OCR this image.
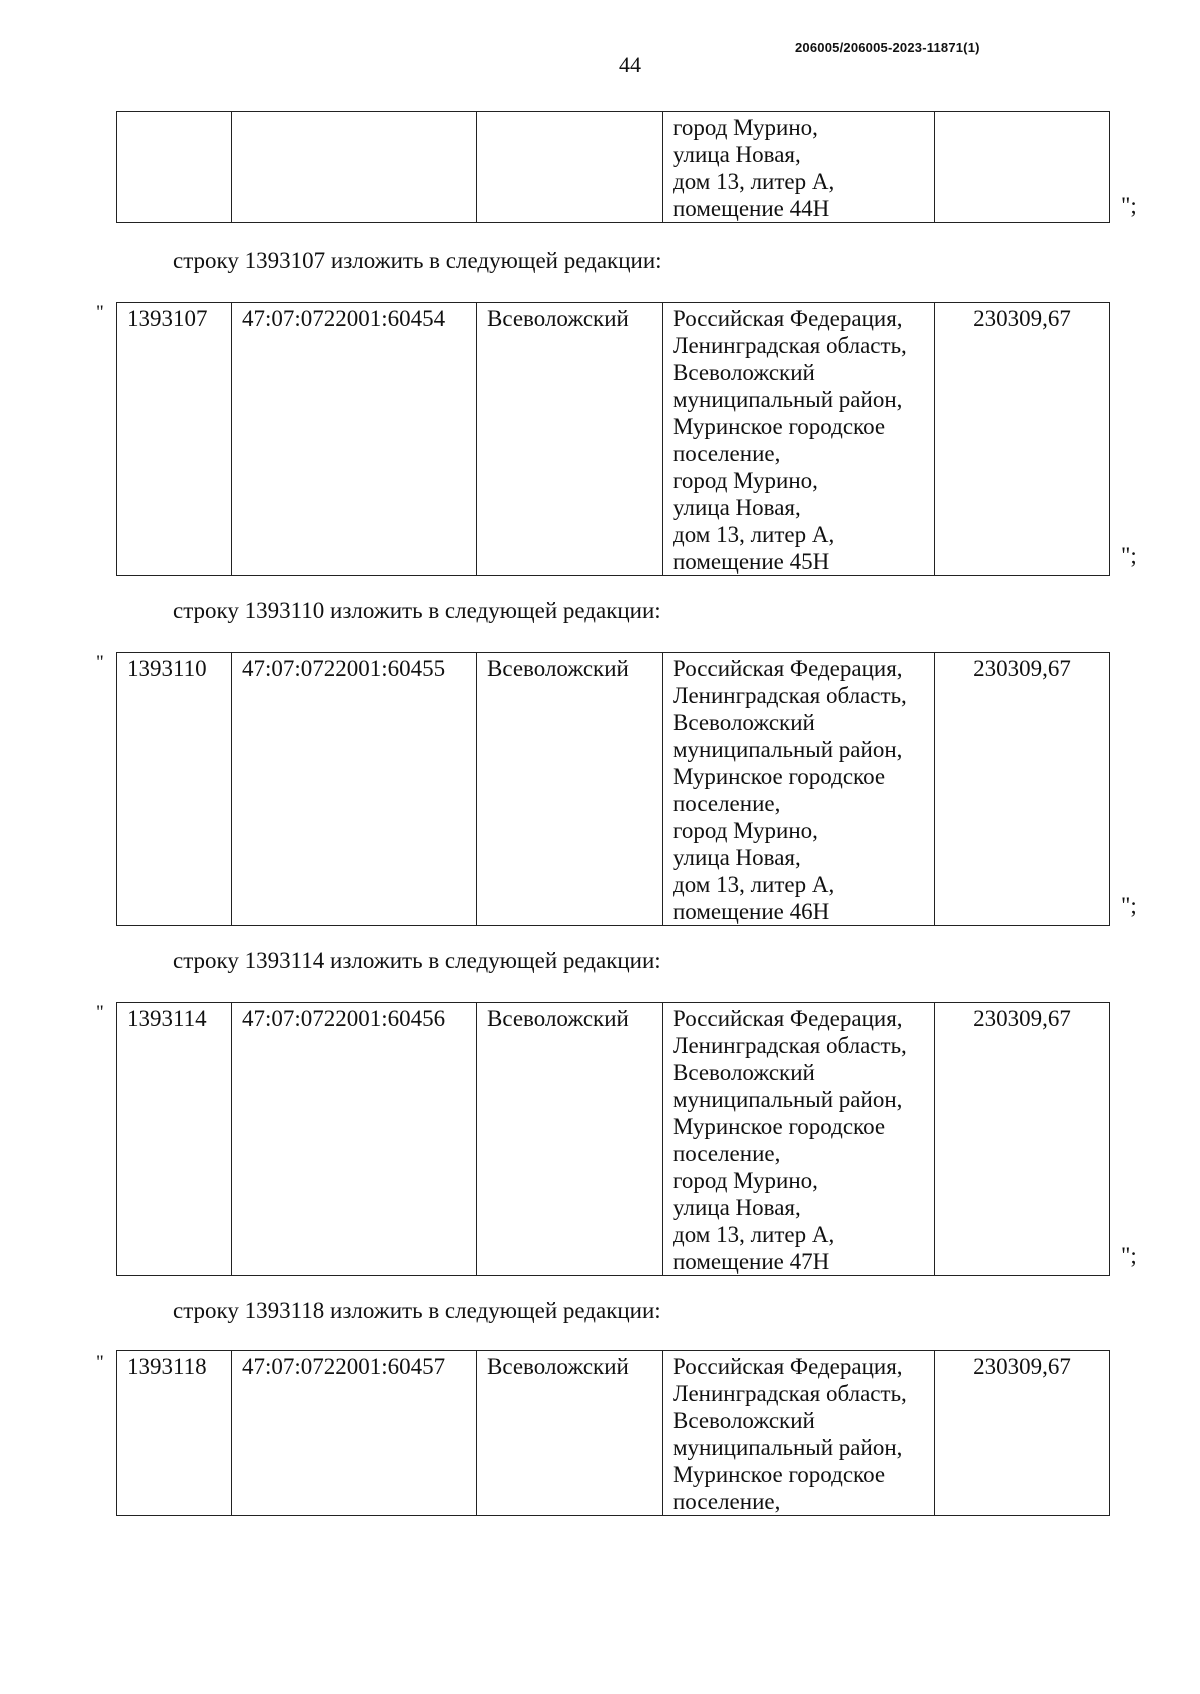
206005/206005-2023-11871(1)
44
			город Мурино,
улица Новая,
дом 13, литер А,
помещение 44Н		";
строку 1393107 изложить в следующей редакции:
" 1393107	47:07:0722001:60454	Всеволожский	Российская Федерация,
Ленинградская область,
Всеволожский
муниципальный район,
Муринское городское
поселение,
город Мурино,
улица Новая,
дом 13, литер А,
помещение 45Н	230309,67
";
строку 1393110 изложить в следующей редакции:
" 1393110	47:07:0722001:60455	Всеволожский	Российская Федерация,
Ленинградская область,
Всеволожский
муниципальный район,
Муринское городское
поселение,
город Мурино,
улица Новая,
дом 13, литер А,
помещение 46Н	230309,67
";
строку 1393114 изложить в следующей редакции:
" 1393114	47:07:0722001:60456	Всеволожский	Российская Федерация,
Ленинградская область,
Всеволожский
муниципальный район,
Муринское городское
поселение,
город Мурино,
улица Новая,
дом 13, литер А,
помещение 47Н	230309,67
";
строку 1393118 изложить в следующей редакции:
" 1393118	47:07:0722001:60457	Всеволожский	Российская Федерация,
Ленинградская область,
Всеволожский
муниципальный район,
Муринское городское
поселение,	230309,67
